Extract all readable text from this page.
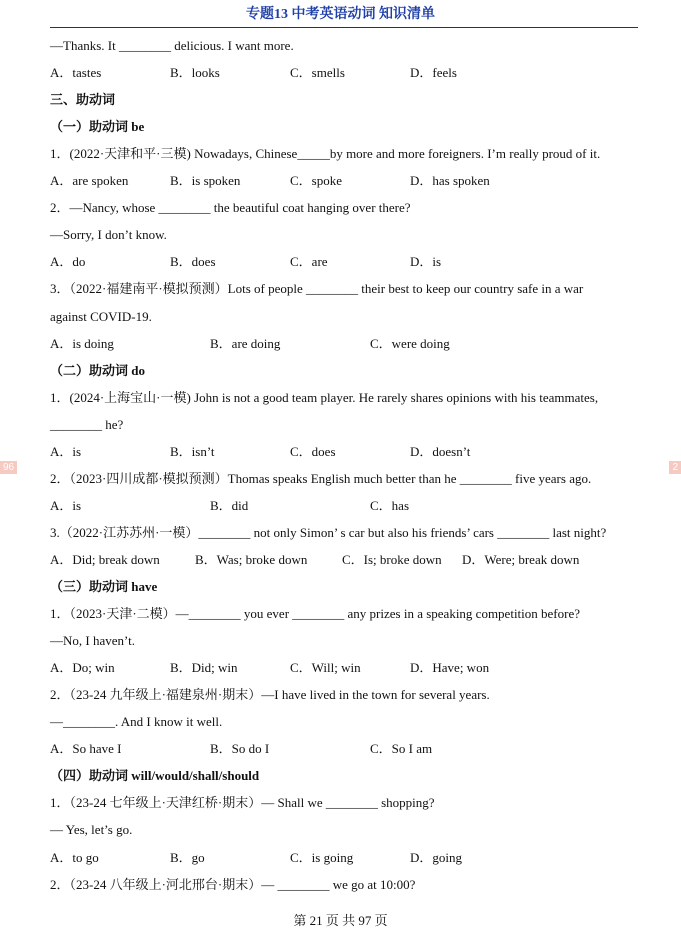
专题13 中考英语动词 知识清单
—Thanks. It ________ delicious. I want more.
A．tastes	B．looks	C．smells	D．feels
三、助动词
（一）助动词 be
1．(2022·天津和平·三模) Nowadays, Chinese_____by more and more foreigners. I’m really proud of it.
A．are spoken	B．is spoken	C．spoke	D．has spoken
2．—Nancy, whose ________ the beautiful coat hanging over there?
—Sorry, I don’t know.
A．do	B．does	C．are	D．is
3．（2022·福建南平·模拟预测）Lots of people ________ their best to keep our country safe in a war
against COVID-19.
A．is doing	B．are doing	C．were doing
（二）助动词 do
1．(2024·上海宝山·一模) John is not a good team player. He rarely shares opinions with his teammates,
________ he?
A．is	B．isn’t	C．does	D．doesn’t
2．（2023·四川成都·模拟预测）Thomas speaks English much better than he ________ five years ago.
A．is	B．did	C．has
3.（2022·江苏苏州·一模）________ not only Simon’ s car but also his friends’ cars ________ last night?
A．Did; break down	B．Was; broke down	C．Is; broke down D．Were; break down
（三）助动词 have
1．（2023·天津·二模）—________ you ever ________ any prizes in a speaking competition before?
—No, I haven’t.
A．Do; win	B．Did; win	C．Will; win	D．Have; won
2．（23-24 九年级上·福建泉州·期末）—I have lived in the town for several years.
—________. And I know it well.
A．So have I	B．So do I	C．So I am
（四）助动词 will/would/shall/should
1．（23-24 七年级上·天津红桥·期末）— Shall we ________ shopping?
— Yes, let’s go.
A．to go	B．go	C．is going	D．going
2．（23-24 八年级上·河北邢台·期末）— ________ we go at 10:00?
96	2
第 21 页 共 97 页
